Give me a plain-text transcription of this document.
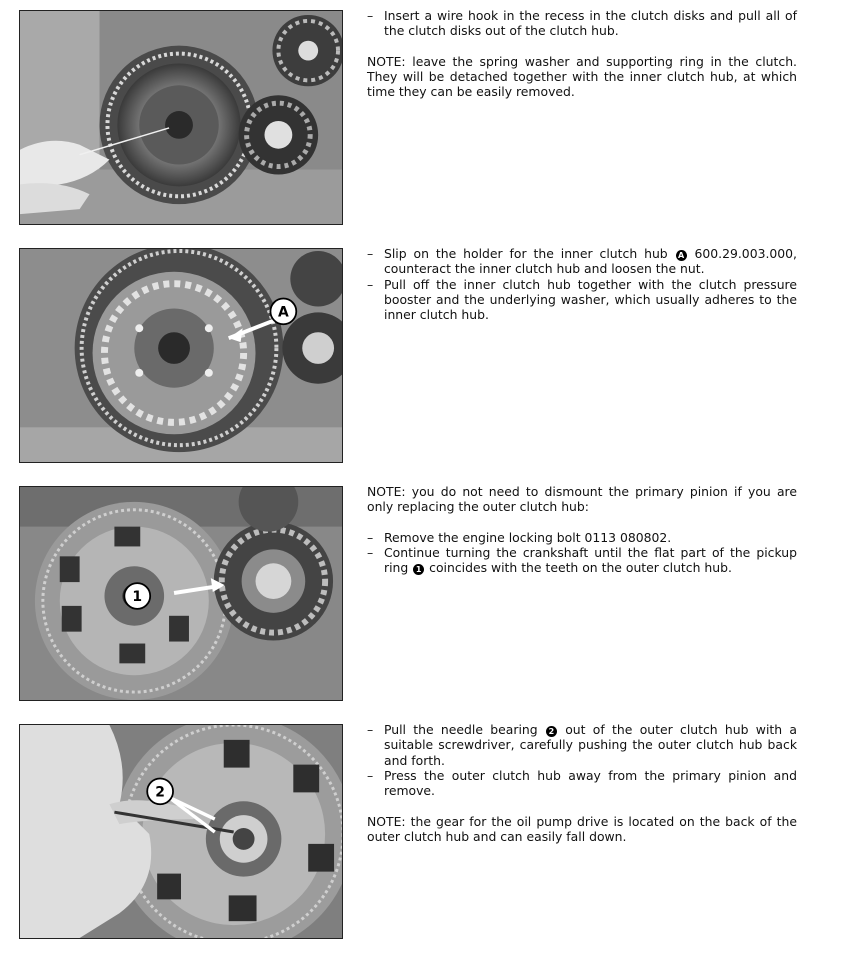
– Insert a wire hook in the recess in the clutch disks and pull all of the clutch disks out of the clutch hub.

NOTE: leave the spring washer and supporting ring in the clutch. They will be detached together with the inner clutch hub, at which time they can be easily removed.

A
– Slip on the holder for the inner clutch hub A 600.29.003.000, counteract the inner clutch hub and loosen the nut.
– Pull off the inner clutch hub together with the clutch pressure booster and the underlying washer, which usually adheres to the inner clutch hub.
1

NOTE: you do not need to dismount the primary pinion if you are only replacing the outer clutch hub:

– Remove the engine locking bolt 0113 080802.
– Continue turning the crankshaft until the flat part of the pickup ring 1 coincides with the teeth on the outer clutch hub.
2
– Pull the needle bearing 2 out of the outer clutch hub with a suitable screwdriver, carefully pushing the outer clutch hub back and forth.
– Press the outer clutch hub away from the primary pinion and remove.

NOTE: the gear for the oil pump drive is located on the back of the outer clutch hub and can easily fall down.
